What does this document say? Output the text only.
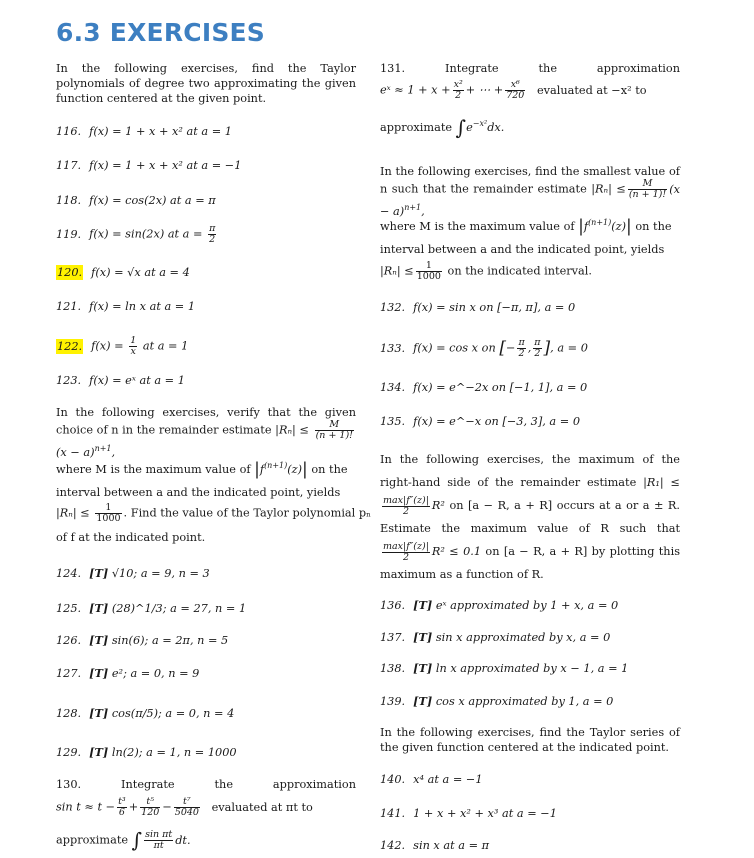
6.3 EXERCISES
In the following exercises, find the Taylor polynomials of degree two approximating the given function centered at the given point.
116. f(x) = 1 + x + x² at a = 1
117. f(x) = 1 + x + x² at a = −1
118. f(x) = cos(2x) at a = π
119. f(x) = sin(2x) at $a = \frac{\pi}{2}$
120. f(x) = √x at a = 4
121. f(x) = ln x at a = 1
122. $f(x) = \frac{1}{x}$ at a = 1
123. f(x) = eˣ at a = 1
In the following exercises, verify that the given choice of n in the remainder estimate $|R_n| \le \frac{M}{(n + 1)!}$
$(x - a)^{n+1}$,
where M is the maximum value of $|f^{(n+1)}(z)|$ on the
interval between a and the indicated point, yields
$|R_n| \le \frac{1}{1000}$ . Find the value of the Taylor polynomial pₙ
of f at the indicated point.
124. [T] √10; a = 9, n = 3
125. [T] (28)^1/3; a = 27, n = 1
126. [T] sin(6); a = 2π, n = 5
127. [T] e²; a = 0, n = 9
128. [T] cos(π/5); a = 0, n = 4
129. [T] ln(2); a = 1, n = 1000
130.	Integrate	the	approximation
$\sin t \approx t - \frac{\text{t³}}{6} + \frac{\text{t⁵}}{120} - \frac{\text{t⁷}}{5040}$ evaluated at πt to
approximate ∫ $\frac{\text{sin πt}}{\pi t}$ dt.
131.	Integrate	the	approximation
eˣ ≈ $1 + x + \frac{\text{x²}}{2}$ + ⋯ + $\frac{\text{x⁶}}{720}$ evaluated at −x² to
approximate $\int e^{-x^2}dx$.
In the following exercises, find the smallest value of n such that the remainder estimate $|R_n| \le \frac{M}{(n + 1)!} (x - a)^{n+1}$,
where M is the maximum value of $|f^{(n+1)}(z)|$ on the
interval between a and the indicated point, yields
$|R_n| \le \frac{1}{1000}$ on the indicated interval.
132. f(x) = sin x on [−π, π], a = 0
133. f(x) = cos x on [− $\frac{\pi}{2}$ , $\frac{\pi}{2}$ ], a = 0
134. f(x) = e^−2x on [−1, 1], a = 0
135. f(x) = e^−x on [−3, 3], a = 0
In the following exercises, the maximum of the right-hand side of the remainder estimate |R₁| ≤
$\frac{\max|f''(z)|}{2} R^2$ on [a − R, a + R] occurs at a or a ± R. Estimate the maximum value of R such that
$\frac{\max|f''(z)|}{2} R^2 \le 0.1$ on [a − R, a + R] by plotting this maximum as a function of R.
136. [T] eˣ approximated by 1 + x, a = 0
137. [T] sin x approximated by x, a = 0
138. [T] ln x approximated by x − 1, a = 1
139. [T] cos x approximated by 1, a = 0
In the following exercises, find the Taylor series of the given function centered at the indicated point.
140. x⁴ at a = −1
141. 1 + x + x² + x³ at a = −1
142. sin x at a = π
